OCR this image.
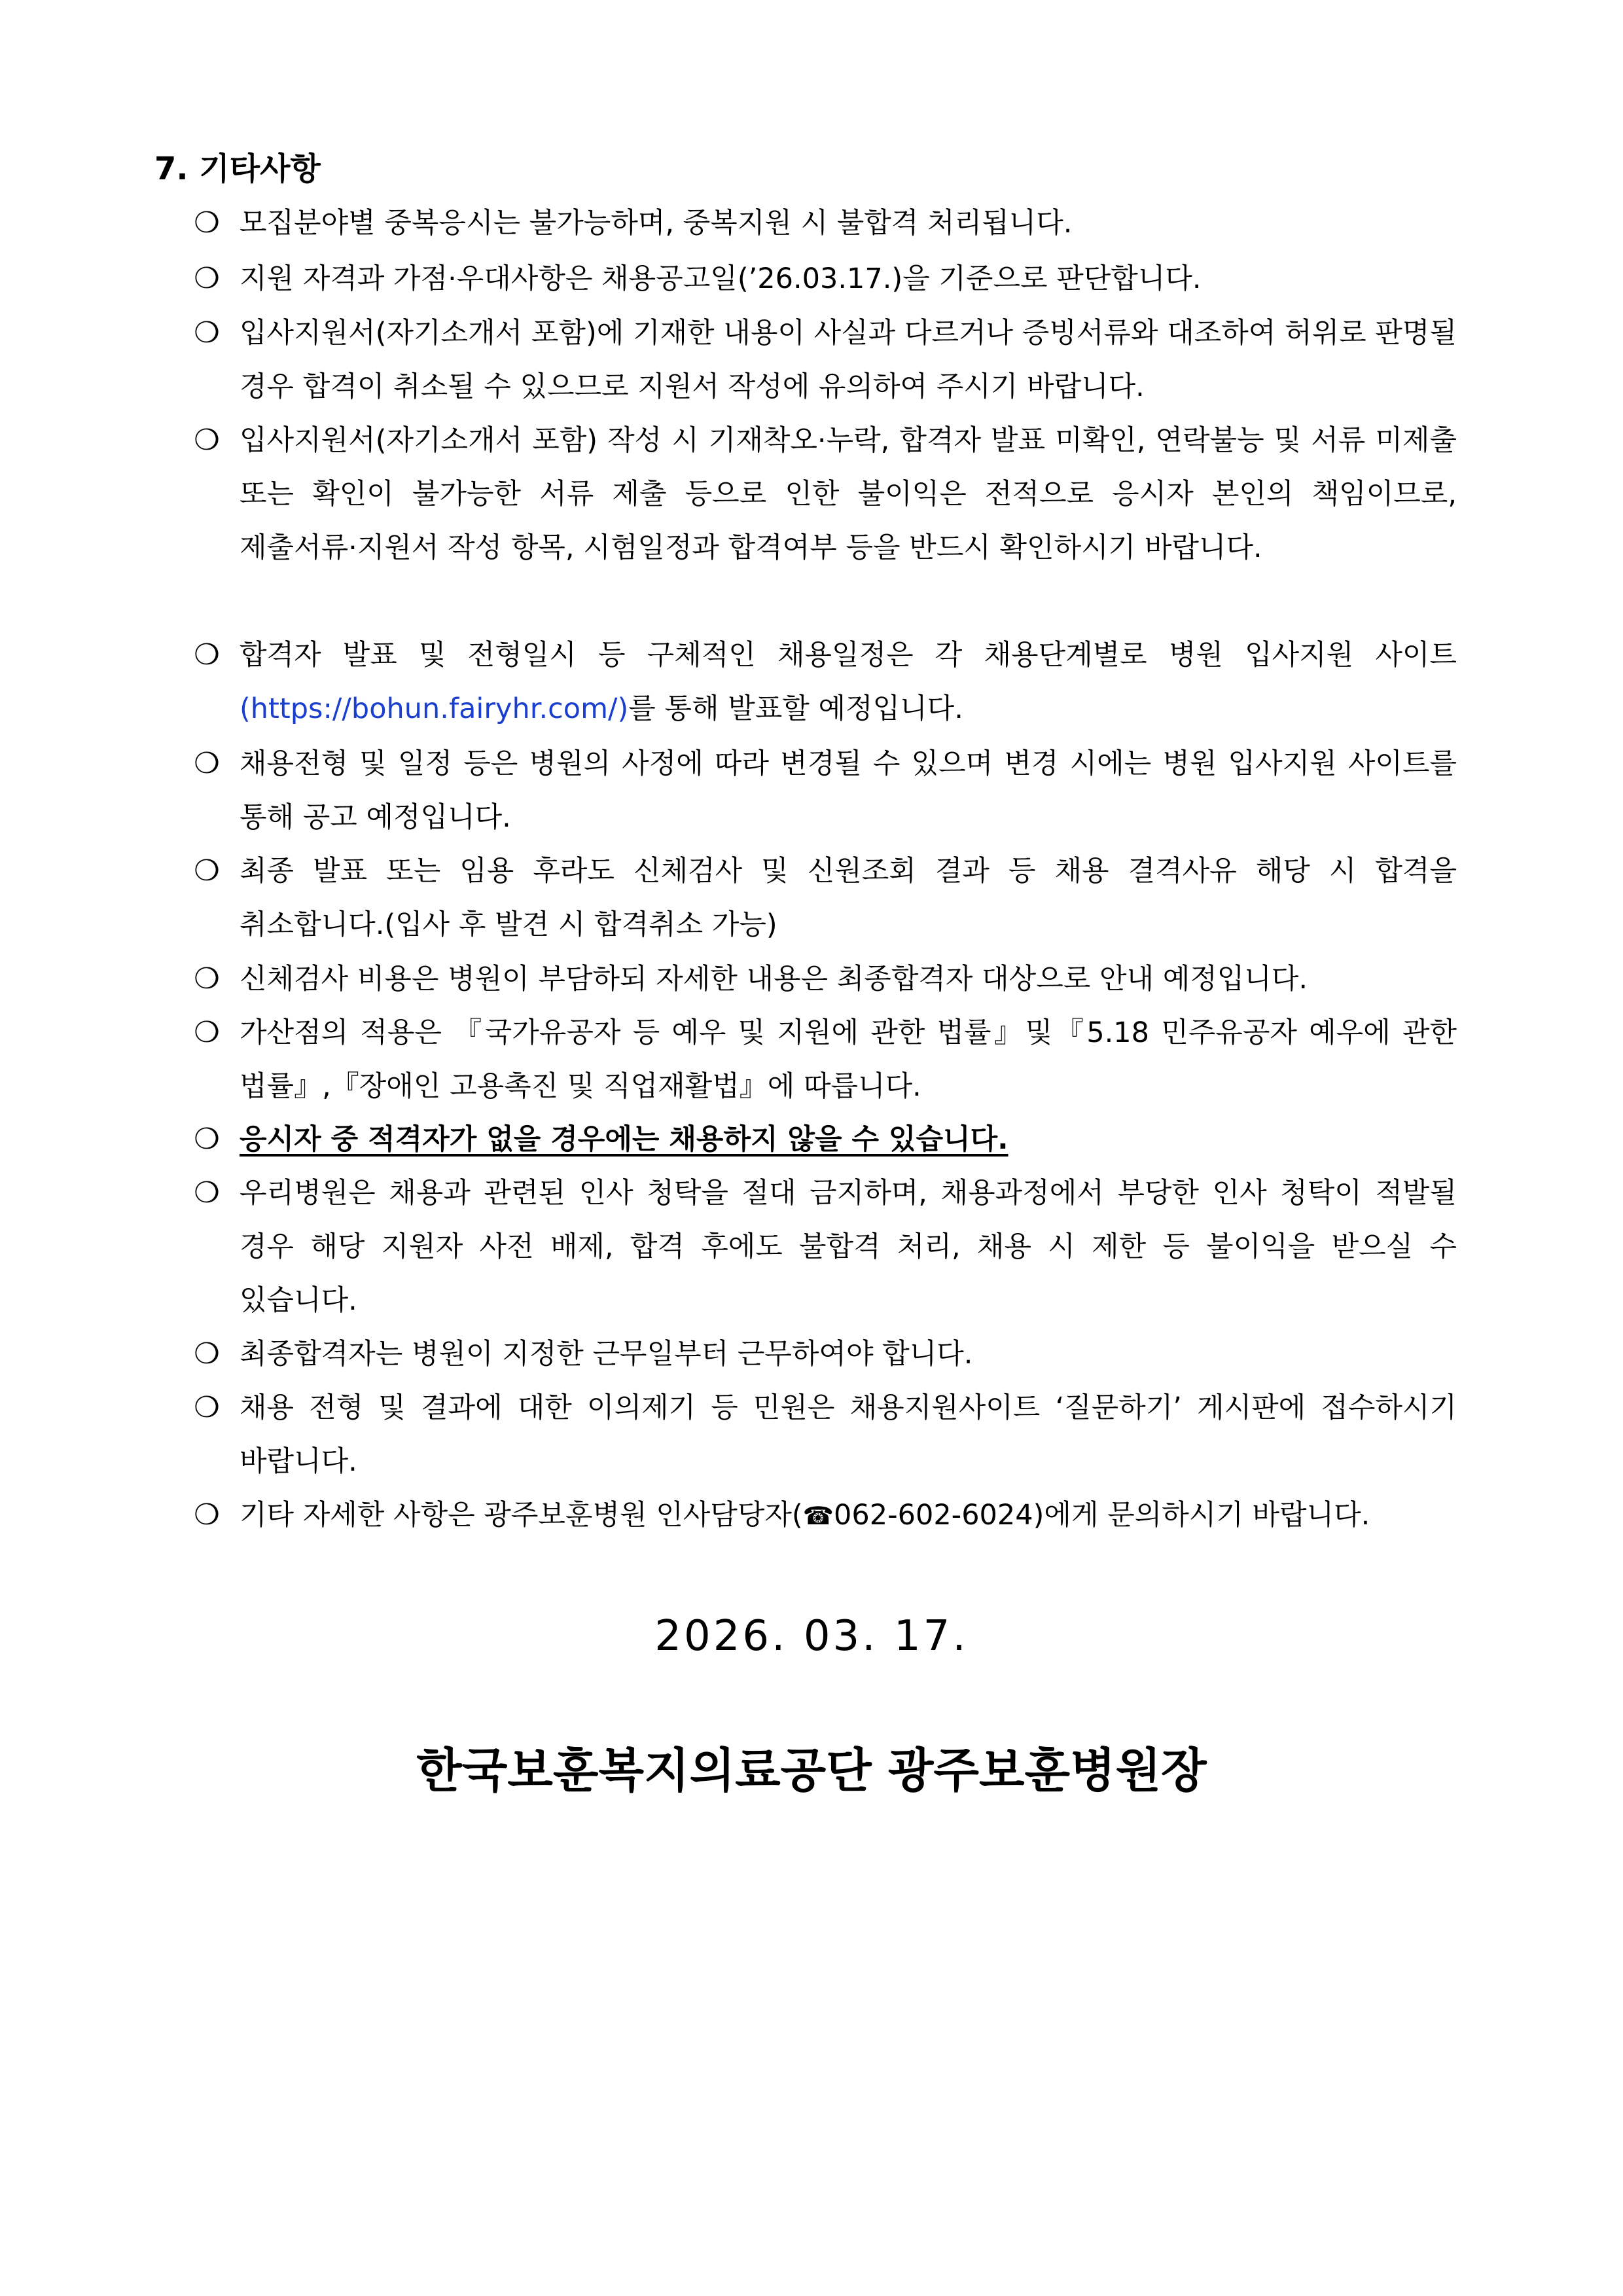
7. 기타사항
❍ 모집분야별 중복응시는 불가능하며, 중복지원 시 불합격 처리됩니다.
❍ 지원 자격과 가점·우대사항은 채용공고일(’26.03.17.)을 기준으로 판단합니다.
❍ 입사지원서(자기소개서 포함)에 기재한 내용이 사실과 다르거나 증빙서류와 대조하여 허위로 판명될 경우 합격이 취소될 수 있으므로 지원서 작성에 유의하여 주시기 바랍니다.
❍ 입사지원서(자기소개서 포함) 작성 시 기재착오·누락, 합격자 발표 미확인, 연락불능 및 서류 미제출 또는 확인이 불가능한 서류 제출 등으로 인한 불이익은 전적으로 응시자 본인의 책임이므로, 제출서류·지원서 작성 항목, 시험일정과 합격여부 등을 반드시 확인하시기 바랍니다.
❍ 합격자 발표 및 전형일시 등 구체적인 채용일정은 각 채용단계별로 병원 입사지원 사이트(https://bohun.fairyhr.com/)를 통해 발표할 예정입니다.
❍ 채용전형 및 일정 등은 병원의 사정에 따라 변경될 수 있으며 변경 시에는 병원 입사지원 사이트를 통해 공고 예정입니다.
❍ 최종 발표 또는 임용 후라도 신체검사 및 신원조회 결과 등 채용 결격사유 해당 시 합격을 취소합니다.(입사 후 발견 시 합격취소 가능)
❍ 신체검사 비용은 병원이 부담하되 자세한 내용은 최종합격자 대상으로 안내 예정입니다.
❍ 가산점의 적용은 『국가유공자 등 예우 및 지원에 관한 법률』및『5.18 민주유공자 예우에 관한 법률』,『장애인 고용촉진 및 직업재활법』에 따릅니다.
❍ 응시자 중 적격자가 없을 경우에는 채용하지 않을 수 있습니다.
❍ 우리병원은 채용과 관련된 인사 청탁을 절대 금지하며, 채용과정에서 부당한 인사 청탁이 적발될 경우 해당 지원자 사전 배제, 합격 후에도 불합격 처리, 채용 시 제한 등 불이익을 받으실 수 있습니다.
❍ 최종합격자는 병원이 지정한 근무일부터 근무하여야 합니다.
❍ 채용 전형 및 결과에 대한 이의제기 등 민원은 채용지원사이트 ‘질문하기’ 게시판에 접수하시기 바랍니다.
❍ 기타 자세한 사항은 광주보훈병원 인사담당자(☎062-602-6024)에게 문의하시기 바랍니다.
2026. 03. 17.
한국보훈복지의료공단 광주보훈병원장
